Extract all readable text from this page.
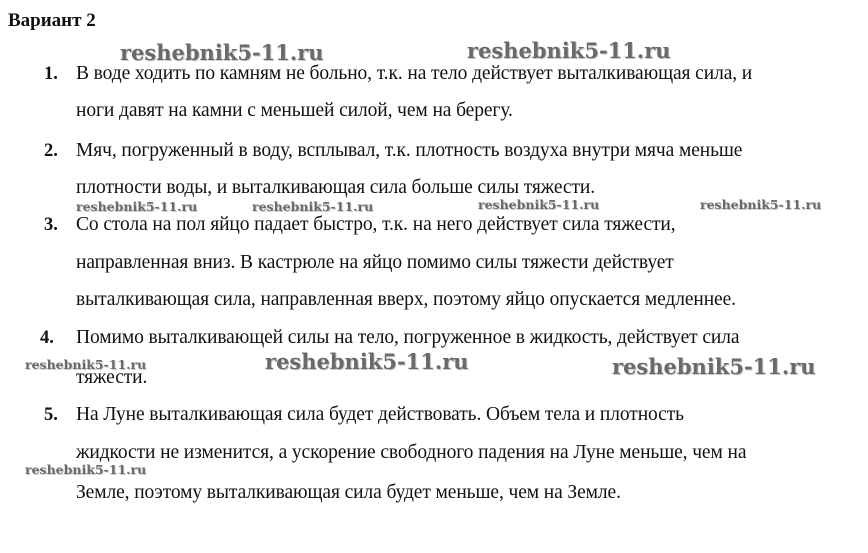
Вариант 2
1. В воде ходить по камням не больно, т.к. на тело действует выталкивающая сила, и
ноги давят на камни с меньшей силой, чем на берегу.
2. Мяч, погруженный в воду, всплывал, т.к. плотность воздуха внутри мяча меньше
плотности воды, и выталкивающая сила больше силы тяжести.
3. Со стола на пол яйцо падает быстро, т.к. на него действует сила тяжести,
направленная вниз. В кастрюле на яйцо помимо силы тяжести действует
выталкивающая сила, направленная вверх, поэтому яйцо опускается медленнее.
4.	Помимо выталкивающей силы на тело, погруженное в жидкость, действует сила
тяжести.
5. На Луне выталкивающая сила будет действовать. Объем тела и плотность
жидкости не изменится, а ускорение свободного падения на Луне меньше, чем на
Земле, поэтому выталкивающая сила будет меньше, чем на Земле.
reshebnik5-11.ru	reshebnik5-11.ru
reshebnik5-11.ru	reshebnik5-11.ru	reshebnik5-11.ru	reshebnik5-11.ru
reshebnik5-11.ru	reshebnik5-11.ru	reshebnik5-11.ru
reshebnik5-11.ru
